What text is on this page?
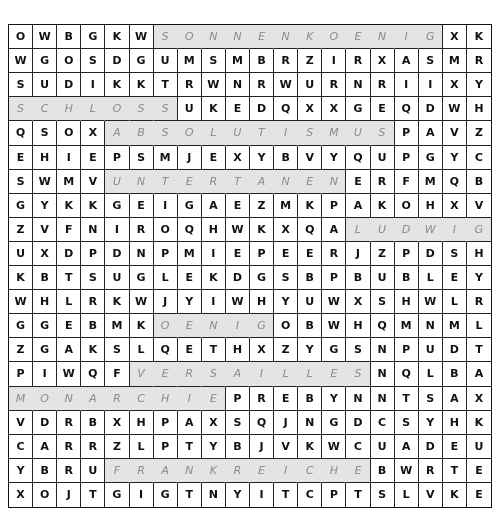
O	W	B	G	K	W	S	O	N	N	E	N	K	O	E	N	I	G	X	K
W	G	O	S	D	G	U	M	S	M	B	R	Z	I	R	X	A	S	M	R
S	U	D	I	K	K	T	R	W	N	R	W	U	R	N	R	I	I	X	Y
S	C	H	L	O	S	S	U	K	E	D	Q	X	X	G	E	Q	D	W	H
Q	S	O	X	A	B	S	O	L	U	T	I	S	M	U	S	P	A	V	Z
E	H	I	E	P	S	M	J	E	X	Y	B	V	Y	Q	U	P	G	Y	C
S	W	M	V	U	N	T	E	R	T	A	N	E	N	E	R	F	M	Q	B
G	Y	K	K	G	E	I	G	A	E	Z	M	K	P	A	K	O	H	X	V
Z	V	F	N	I	R	O	Q	H	W	K	X	Q	A	L	U	D	W	I	G
U	X	D	P	D	N	P	M	I	E	P	E	E	R	J	Z	P	D	S	H
K	B	T	S	U	G	L	E	K	D	G	S	B	P	B	U	B	L	E	Y
W	H	L	R	K	W	J	Y	I	W	H	Y	U	W	X	S	H	W	L	R
G	G	E	B	M	K	O	E	N	I	G	O	B	W	H	Q	M	N	M	L
Z	G	A	K	S	L	Q	E	T	H	X	Z	Y	G	S	N	P	U	D	T
P	I	W	Q	F	V	E	R	S	A	I	L	L	E	S	N	Q	L	B	A
M	O	N	A	R	C	H	I	E	P	R	E	B	Y	N	N	T	S	A	X
V	D	R	B	X	H	P	A	X	S	Q	J	N	G	D	C	S	Y	H	K
C	A	R	R	Z	L	P	T	Y	B	J	V	K	W	C	U	A	D	E	U
Y	B	R	U	F	R	A	N	K	R	E	I	C	H	E	B	W	R	T	E
X	O	J	T	G	I	G	T	N	Y	I	T	C	P	T	S	L	V	K	E
